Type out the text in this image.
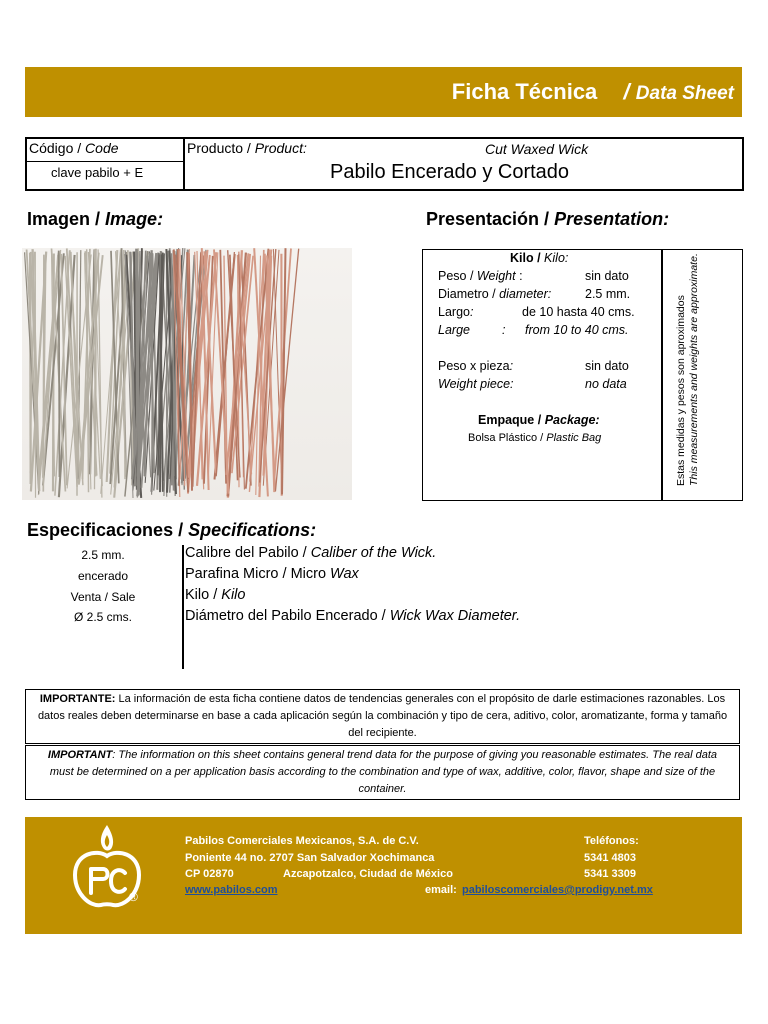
Ficha Técnica / Data Sheet
Código / Code
clave pabilo + E
Producto / Product:	Cut Waxed Wick
Pabilo Encerado y Cortado
Imagen / Image:	Presentación / Presentation:
Kilo / Kilo:
Peso / Weight :	sin dato
Diametro / diameter:	2.5 mm.
Largo:	de 10 hasta 40 cms.
Large	: from 10 to 40 cms.
Peso x pieza:	sin dato
Weight piece:	no data
Empaque / Package:
Bolsa Plástico / Plastic Bag	Estas medidas y pesos son aproximados This measurements and weights are approximate.
Especificaciones / Specifications:
2.5 mm.	Calibre del Pabilo / Caliber of the Wick.
encerado	Parafina Micro / Micro Wax
Venta / Sale	Kilo / Kilo
Ø 2.5 cms.	Diámetro del Pabilo Encerado / Wick Wax Diameter.
IMPORTANTE: La información de esta ficha contiene datos de tendencias generales con el propósito de darle estimaciones razonables. Los datos reales deben determinarse en base a cada aplicación según la combinación y tipo de cera, aditivo, color, aromatizante, forma y tamaño del recipiente.
IMPORTANT: The information on this sheet contains general trend data for the purpose of giving you reasonable estimates. The real data must be determined on a per application basis according to the combination and type of wax, additive, color, flavor, shape and size of the container.
®
Pabilos Comerciales Mexicanos, S.A. de C.V.
Poniente 44 no. 2707 San Salvador Xochimanca
CP 02870	Azcapotzalco, Ciudad de México
www.pabilos.com
Teléfonos:
5341 4803
5341 3309
email: pabiloscomerciales@prodigy.net.mx
